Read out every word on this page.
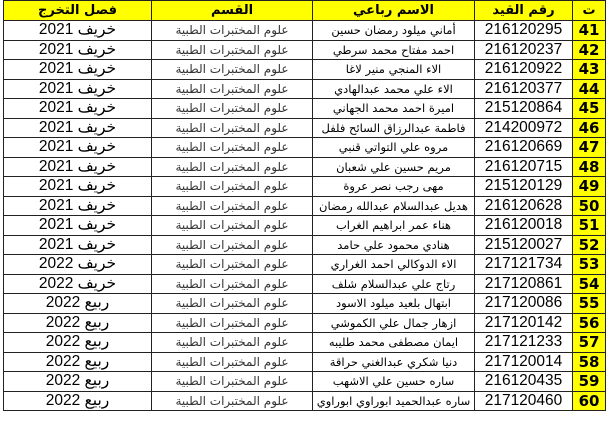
ت	رقم القيد	الاسم رباعي	القسم	فصل التخرج
41	216120295	أماني ميلود رمضان حسين	علوم المختبرات الطبية	خريف 2021
42	216120237	احمد مفتاح محمد سرطي	علوم المختبرات الطبية	خريف 2021
43	216120922	الاء المنجي منير لاغا	علوم المختبرات الطبية	خريف 2021
44	216120377	الاء علي محمد عبدالهادي	علوم المختبرات الطبية	خريف 2021
45	215120864	اميرة احمد محمد الجهاني	علوم المختبرات الطبية	خريف 2021
46	214200972	فاطمة عبدالرزاق السائح فلفل	علوم المختبرات الطبية	خريف 2021
47	216120669	مروه علي التواتي قنبي	علوم المختبرات الطبية	خريف 2021
48	216120715	مريم حسين علي شعبان	علوم المختبرات الطبية	خريف 2021
49	215120129	مهى رجب نصر عروة	علوم المختبرات الطبية	خريف 2021
50	216120628	هديل عبدالسلام عبدالله رمضان	علوم المختبرات الطبية	خريف 2021
51	216120018	هناء عمر ابراهيم الغراب	علوم المختبرات الطبية	خريف 2021
52	215120027	هنادي محمود علي حامد	علوم المختبرات الطبية	خريف 2021
53	217121734	الاء الدوكالي احمد الغراري	علوم المختبرات الطبية	خريف 2022
54	217120861	رتاج علي عبدالسلام شلف	علوم المختبرات الطبية	خريف 2022
55	217120086	ابتهال بلعيد ميلود الاسود	علوم المختبرات الطبية	ربيع 2022
56	217120142	ازهار جمال علي الكموشي	علوم المختبرات الطبية	ربيع 2022
57	217121233	ايمان مصطفى محمد طليبه	علوم المختبرات الطبية	ربيع 2022
58	217120014	دنيا شكري عبدالغني حراقة	علوم المختبرات الطبية	ربيع 2022
59	216120435	ساره حسين علي الاشهب	علوم المختبرات الطبية	ربيع 2022
60	217120460	ساره عبدالحميد ابوراوي ابوراوي	علوم المختبرات الطبية	ربيع 2022
